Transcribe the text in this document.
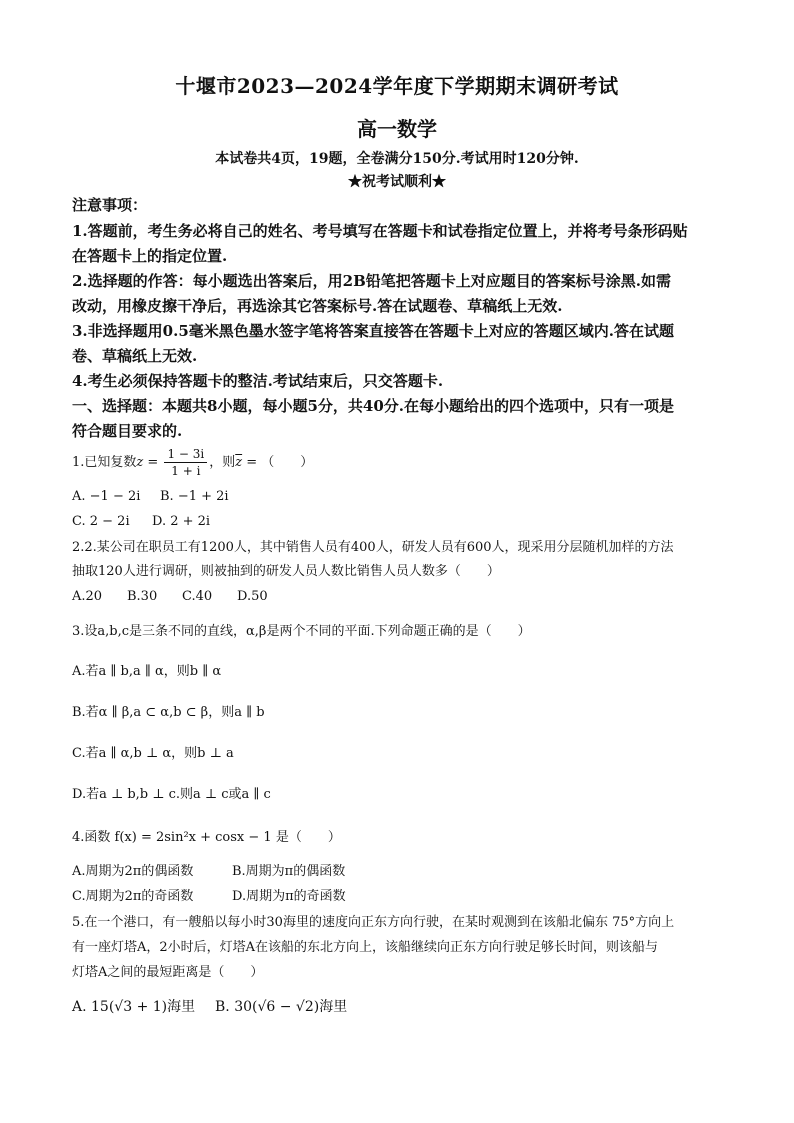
十堰市2023—2024学年度下学期期末调研考试
高一数学
本试卷共4页，19题，全卷满分150分.考试用时120分钟.
★祝考试顺利★
注意事项：
1.答题前，考生务必将自己的姓名、考号填写在答题卡和试卷指定位置上，并将考号条形码贴
在答题卡上的指定位置.
2.选择题的作答：每小题选出答案后，用2B铅笔把答题卡上对应题目的答案标号涂黑.如需
改动，用橡皮擦干净后，再选涂其它答案标号.答在试题卷、草稿纸上无效.
3.非选择题用0.5毫米黑色墨水签字笔将答案直接答在答题卡上对应的答题区域内.答在试题
卷、草稿纸上无效.
4.考生必须保持答题卡的整洁.考试结束后，只交答题卡.
一、选择题：本题共8小题，每小题5分，共40分.在每小题给出的四个选项中，只有一项是
符合题目要求的.
1.已知复数$z = \frac{1 - 3i}{1 + i}$ ，则$\overline{z}$ = （　　）
A. −1 − 2i B. −1 + 2i
C. 2 − 2i D. 2 + 2i
2.2.某公司在职员工有1200人，其中销售人员有400人，研发人员有600人，现采用分层随机加样的方法
抽取120人进行调研，则被抽到的研发人员人数比销售人员人数多（　　）
A.20 B.30 C.40 D.50
3.设a,b,c是三条不同的直线，α,β是两个不同的平面.下列命题正确的是（　　）
A.若a ∥ b,a ∥ α，则b ∥ α
B.若α ∥ β,a ⊂ α,b ⊂ β，则a ∥ b
C.若a ∥ α,b ⊥ α，则b ⊥ a
D.若a ⊥ b,b ⊥ c.则a ⊥ c或a ∥ c
4.函数 f(x) = 2sin²x + cosx − 1 是（　　）
A.周期为2π的偶函数	B.周期为π的偶函数
C.周期为2π的奇函数	D.周期为π的奇函数
5.在一个港口，有一艘船以每小时30海里的速度向正东方向行驶，在某时观测到在该船北偏东 75°方向上
有一座灯塔A，2小时后，灯塔A在该船的东北方向上，该船继续向正东方向行驶足够长时间，则该船与
灯塔A之间的最短距离是（　　）
A. 15(√3 + 1)海里 B. 30(√6 − √2)海里
